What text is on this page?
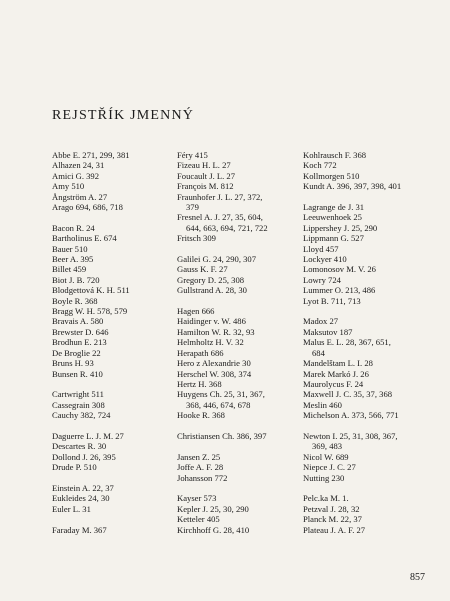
REJSTŘÍK JMENNÝ
Abbe E. 271, 299, 381
Alhazen 24, 31
Amici G. 392
Amy 510
Ångström A. 27
Arago 694, 686, 718
Bacon R. 24
Bartholinus E. 674
Bauer 510
Beer A. 395
Billet 459
Biot J. B. 720
Blodgettová K. H. 511
Boyle R. 368
Bragg W. H. 578, 579
Bravais A. 580
Brewster D. 646
Brodhun E. 213
De Broglie 22
Bruns H. 93
Bunsen R. 410
Cartwright 511
Cassegrain 308
Cauchy 382, 724
Daguerre L. J. M. 27
Descartes R. 30
Dollond J. 26, 395
Drude P. 510
Einstein A. 22, 37
Eukleides 24, 30
Euler L. 31
Faraday M. 367
Féry 415
Fizeau H. L. 27
Foucault J. L. 27
François M. 812
Fraunhofer J. L. 27, 372,
379
Fresnel A. J. 27, 35, 604,
644, 663, 694, 721, 722
Fritsch 309
Galilei G. 24, 290, 307
Gauss K. F. 27
Gregory D. 25, 308
Gullstrand A. 28, 30
Hagen 666
Haidinger v. W. 486
Hamilton W. R. 32, 93
Helmholtz H. V. 32
Herapath 686
Hero z Alexandrie 30
Herschel W. 308, 374
Hertz H. 368
Huygens Ch. 25, 31, 367,
368, 446, 674, 678
Hooke R. 368
Christiansen Ch. 386, 397
Jansen Z. 25
Joffe A. F. 28
Johansson 772
Kayser 573
Kepler J. 25, 30, 290
Ketteler 405
Kirchhoff G. 28, 410
Kohlrausch F. 368
Koch 772
Kollmorgen 510
Kundt A. 396, 397, 398, 401
Lagrange de J. 31
Leeuwenhoek 25
Lippershey J. 25, 290
Lippmann G. 527
Lloyd 457
Lockyer 410
Lomonosov M. V. 26
Lowry 724
Lummer O. 213, 486
Lyot B. 711, 713
Madox 27
Maksutov 187
Malus E. L. 28, 367, 651,
684
Mandelštam L. I. 28
Marek Markó J. 26
Maurolycus F. 24
Maxwell J. C. 35, 37, 368
Meslin 460
Michelson A. 373, 566, 771
Newton I. 25, 31, 308, 367,
369, 483
Nicol W. 689
Niepce J. C. 27
Nutting 230
Pelc.ka M. 1.
Petzval J. 28, 32
Planck M. 22, 37
Plateau J. A. F. 27
857
